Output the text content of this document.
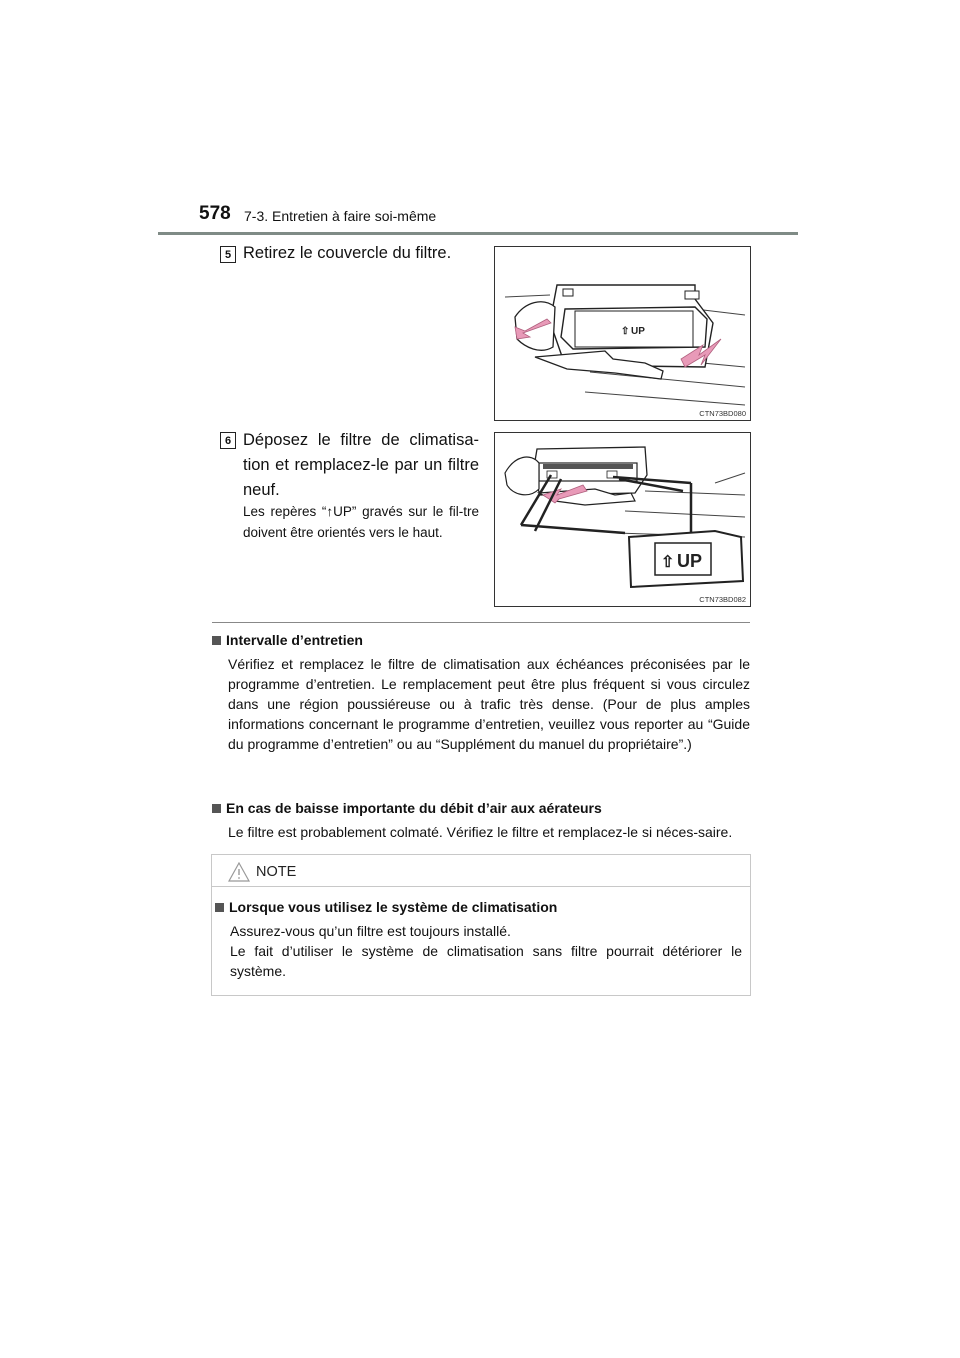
578 7-3. Entretien à faire soi-même
5 Retirez le couvercle du filtre.
⇧ UP
CTN73BD080
6 Déposez le filtre de climatisa-tion et remplacez-le par un filtre neuf.
Les repères “↑UP” gravés sur le fil-tre doivent être orientés vers le haut.
⇧ UP
CTN73BD082
Intervalle d’entretien
Vérifiez et remplacez le filtre de climatisation aux échéances préconisées par le programme d’entretien. Le remplacement peut être plus fréquent si vous circulez dans une région poussiéreuse ou à trafic très dense. (Pour de plus amples informations concernant le programme d’entretien, veuillez vous reporter au “Guide du programme d’entretien” ou au “Supplément du manuel du propriétaire”.)
En cas de baisse importante du débit d’air aux aérateurs
Le filtre est probablement colmaté. Vérifiez le filtre et remplacez-le si néces-saire.
NOTE
Lorsque vous utilisez le système de climatisation
Assurez-vous qu’un filtre est toujours installé.
Le fait d’utiliser le système de climatisation sans filtre pourrait détériorer le système.
